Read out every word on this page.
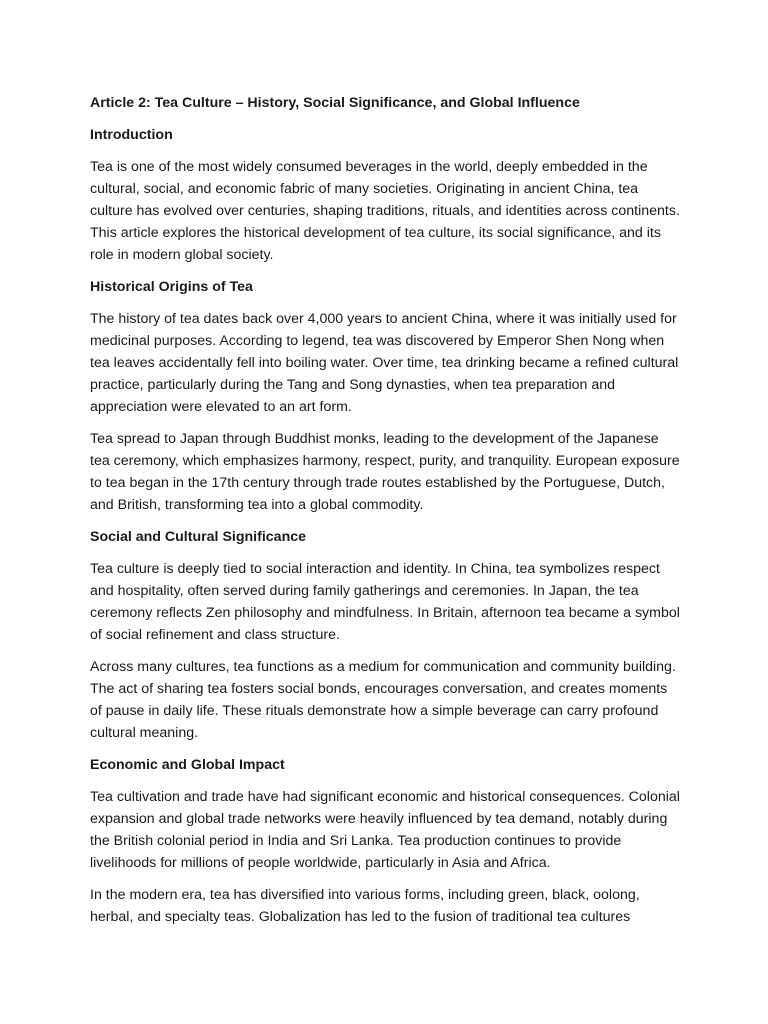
Article 2: Tea Culture – History, Social Significance, and Global Influence
Introduction
Tea is one of the most widely consumed beverages in the world, deeply embedded in the cultural, social, and economic fabric of many societies. Originating in ancient China, tea culture has evolved over centuries, shaping traditions, rituals, and identities across continents. This article explores the historical development of tea culture, its social significance, and its role in modern global society.
Historical Origins of Tea
The history of tea dates back over 4,000 years to ancient China, where it was initially used for medicinal purposes. According to legend, tea was discovered by Emperor Shen Nong when tea leaves accidentally fell into boiling water. Over time, tea drinking became a refined cultural practice, particularly during the Tang and Song dynasties, when tea preparation and appreciation were elevated to an art form.
Tea spread to Japan through Buddhist monks, leading to the development of the Japanese tea ceremony, which emphasizes harmony, respect, purity, and tranquility. European exposure to tea began in the 17th century through trade routes established by the Portuguese, Dutch, and British, transforming tea into a global commodity.
Social and Cultural Significance
Tea culture is deeply tied to social interaction and identity. In China, tea symbolizes respect and hospitality, often served during family gatherings and ceremonies. In Japan, the tea ceremony reflects Zen philosophy and mindfulness. In Britain, afternoon tea became a symbol of social refinement and class structure.
Across many cultures, tea functions as a medium for communication and community building. The act of sharing tea fosters social bonds, encourages conversation, and creates moments of pause in daily life. These rituals demonstrate how a simple beverage can carry profound cultural meaning.
Economic and Global Impact
Tea cultivation and trade have had significant economic and historical consequences. Colonial expansion and global trade networks were heavily influenced by tea demand, notably during the British colonial period in India and Sri Lanka. Tea production continues to provide livelihoods for millions of people worldwide, particularly in Asia and Africa.
In the modern era, tea has diversified into various forms, including green, black, oolong, herbal, and specialty teas. Globalization has led to the fusion of traditional tea cultures
